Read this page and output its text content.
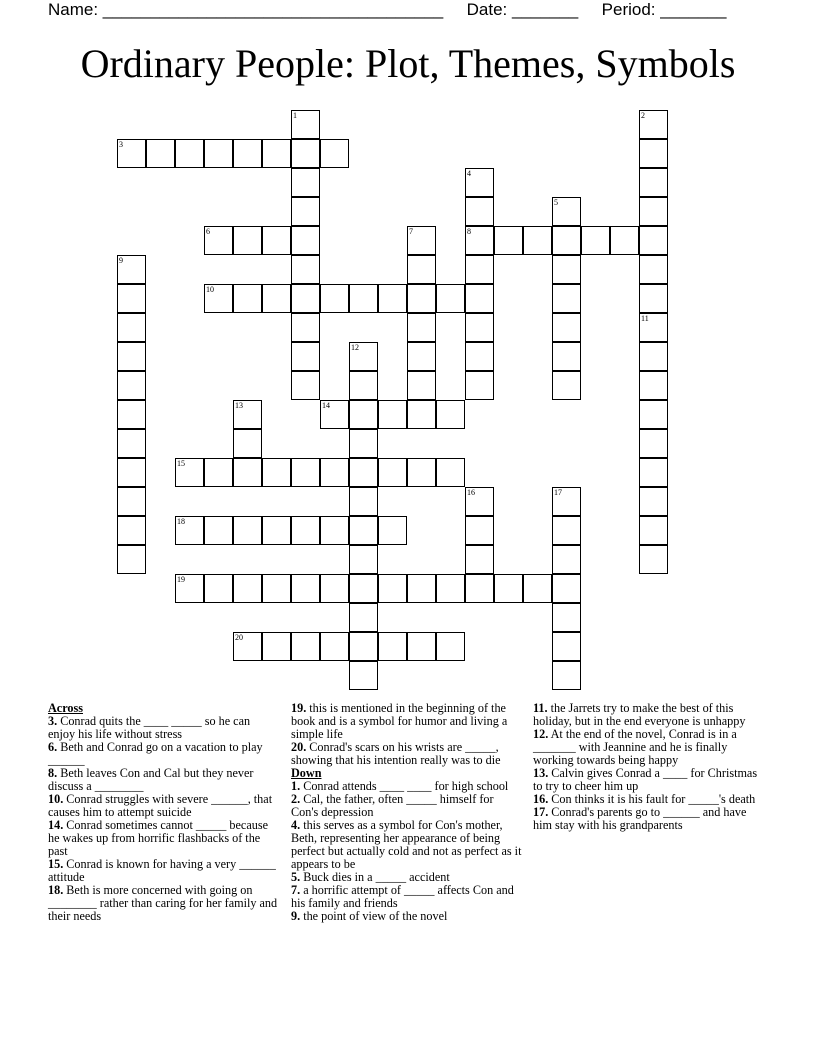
Name: ____________________________________ Date: _______ Period: _______
Ordinary People: Plot, Themes, Symbols
3
6	8
10
14
15
18
19
20
1	2
4
5
7
9
11
12
13
16	17
Across
3. Conrad quits the ____ _____ so he can enjoy his life without stress
6. Beth and Conrad go on a vacation to play ______
8. Beth leaves Con and Cal but they never discuss a ________
10. Conrad struggles with severe ______, that causes him to attempt suicide
14. Conrad sometimes cannot _____ because he wakes up from horrific flashbacks of the past
15. Conrad is known for having a very ______ attitude
18. Beth is more concerned with going on ________ rather than caring for her family and their needs
19. this is mentioned in the beginning of the book and is a symbol for humor and living a simple life
20. Conrad's scars on his wrists are _____, showing that his intention really was to die
Down
1. Conrad attends ____ ____ for high school
2. Cal, the father, often _____ himself for Con's depression
4. this serves as a symbol for Con's mother, Beth, representing her appearance of being perfect but actually cold and not as perfect as it appears to be
5. Buck dies in a _____ accident
7. a horrific attempt of _____ affects Con and his family and friends
9. the point of view of the novel
11. the Jarrets try to make the best of this holiday, but in the end everyone is unhappy
12. At the end of the novel, Conrad is in a _______ with Jeannine and he is finally working towards being happy
13. Calvin gives Conrad a ____ for Christmas to try to cheer him up
16. Con thinks it is his fault for _____'s death
17. Conrad's parents go to ______ and have him stay with his grandparents
